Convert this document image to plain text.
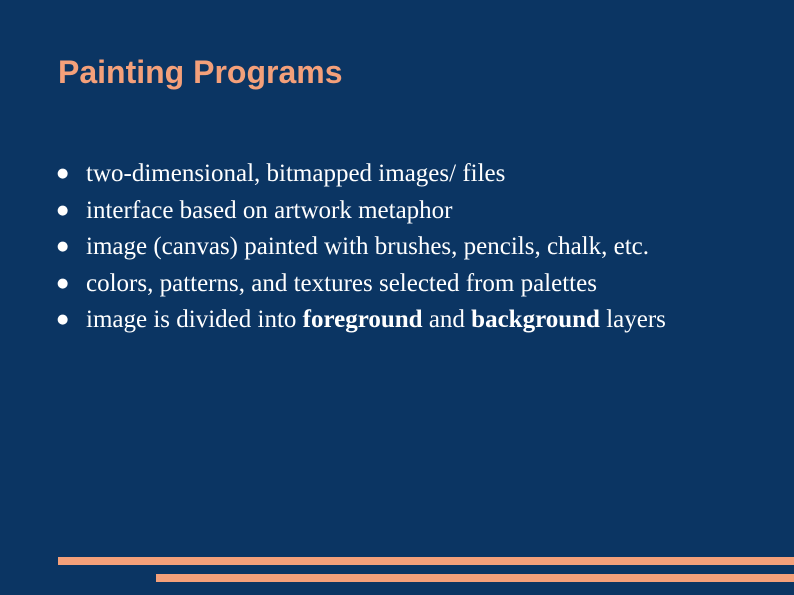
Painting Programs
● two-dimensional, bitmapped images/ files
● interface based on artwork metaphor
● image (canvas) painted with brushes, pencils, chalk, etc.
● colors, patterns, and textures selected from palettes
● image is divided into foreground and background layers
